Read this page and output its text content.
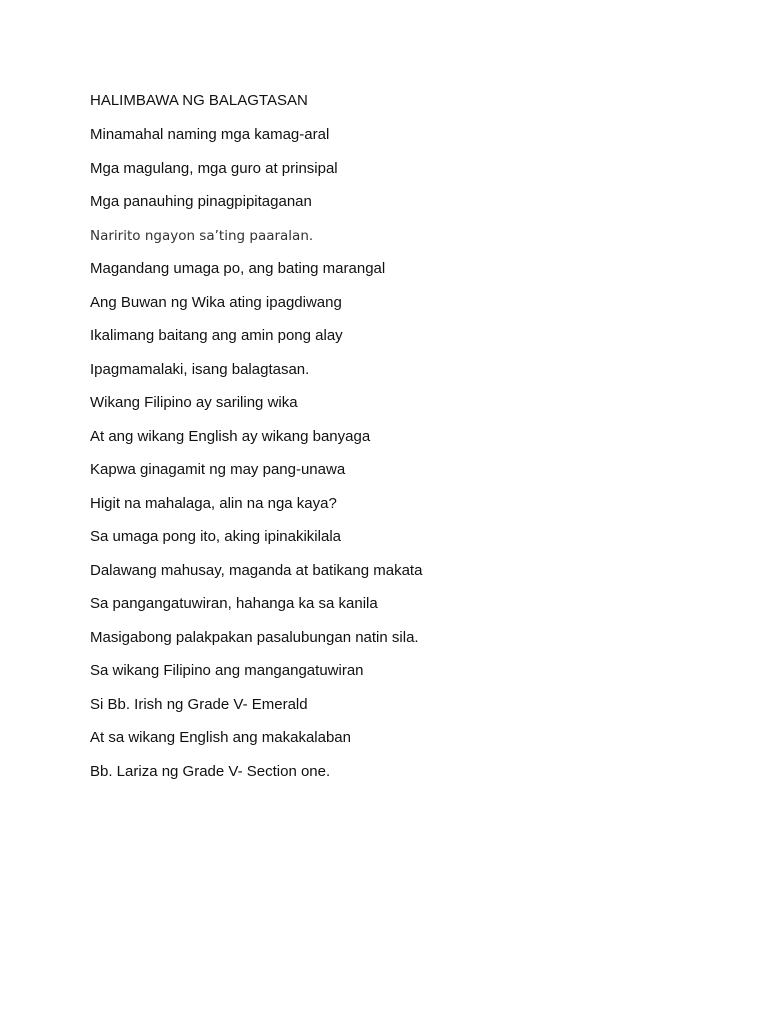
HALIMBAWA NG BALAGTASAN
Minamahal naming mga kamag-aral
Mga magulang, mga guro at prinsipal
Mga panauhing pinagpipitaganan
Naririto ngayon sa’ting paaralan.
Magandang umaga po, ang bating marangal
Ang Buwan ng Wika ating ipagdiwang
Ikalimang baitang ang amin pong alay
Ipagmamalaki, isang balagtasan.
Wikang Filipino ay sariling wika
At ang wikang English ay wikang banyaga
Kapwa ginagamit ng may pang-unawa
Higit na mahalaga, alin na nga kaya?
Sa umaga pong ito, aking ipinakikilala
Dalawang mahusay, maganda at batikang makata
Sa pangangatuwiran, hahanga ka sa kanila
Masigabong palakpakan pasalubungan natin sila.
Sa wikang Filipino ang mangangatuwiran
Si Bb. Irish ng Grade V- Emerald
At sa wikang English ang makakalaban
Bb. Lariza ng Grade V- Section one.
